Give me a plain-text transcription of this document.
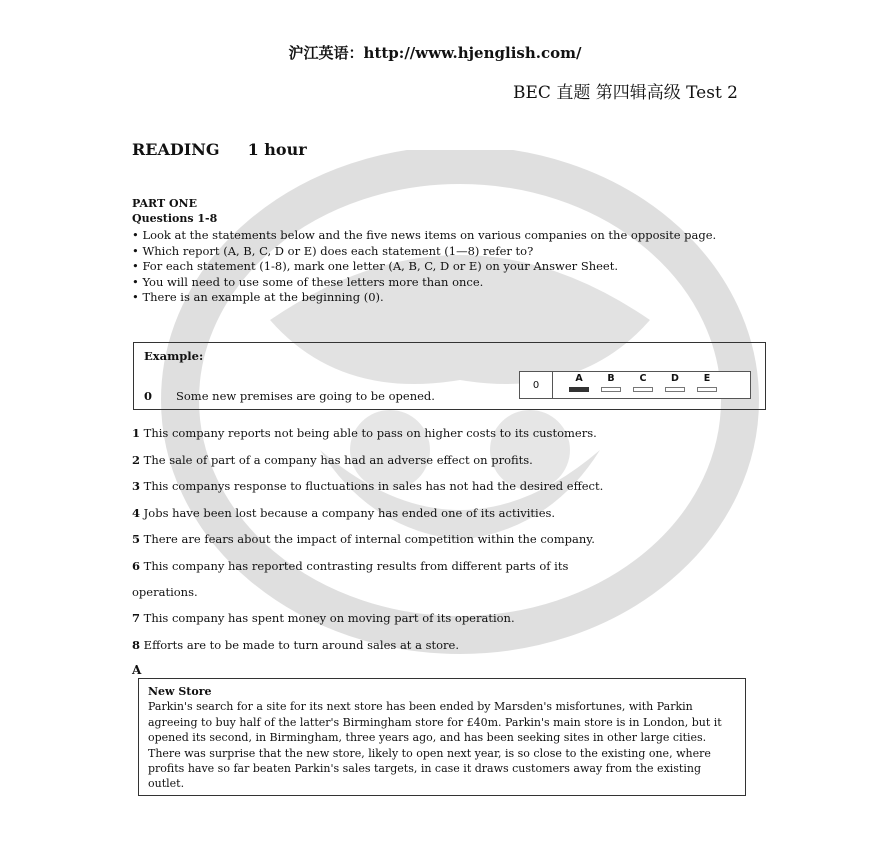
沪江英语：http://www.hjenglish.com/
BEC 直题 第四辑高级 Test 2
READING 1 hour
PART ONE
Questions 1-8
• Look at the statements below and the five news items on various companies on the opposite page.
• Which report (A, B, C, D or E) does each statement (1—8) refer to?
• For each statement (1-8), mark one letter (A, B, C, D or E) on your Answer Sheet.
• You will need to use some of these letters more than once.
• There is an example at the beginning (0).
Example:
0 Some new premises are going to be opened.
0
A	B	C	D	E
1 This company reports not being able to pass on higher costs to its customers.
2 The sale of part of a company has had an adverse effect on profits.
3 This companys response to fluctuations in sales has not had the desired effect.
4 Jobs have been lost because a company has ended one of its activities.
5 There are fears about the impact of internal competition within the company.
6 This company has reported contrasting results from different parts of its
operations.
7 This company has spent money on moving part of its operation.
8 Efforts are to be made to turn around sales at a store.
A
New Store
Parkin's search for a site for its next store has been ended by Marsden's misfortunes, with Parkin agreeing to buy half of the latter's Birmingham store for £40m. Parkin's main store is in London, but it opened its second, in Birmingham, three years ago, and has been seeking sites in other large cities. There was surprise that the new store, likely to open next year, is so close to the existing one, where profits have so far beaten Parkin's sales targets, in case it draws customers away from the existing outlet.
